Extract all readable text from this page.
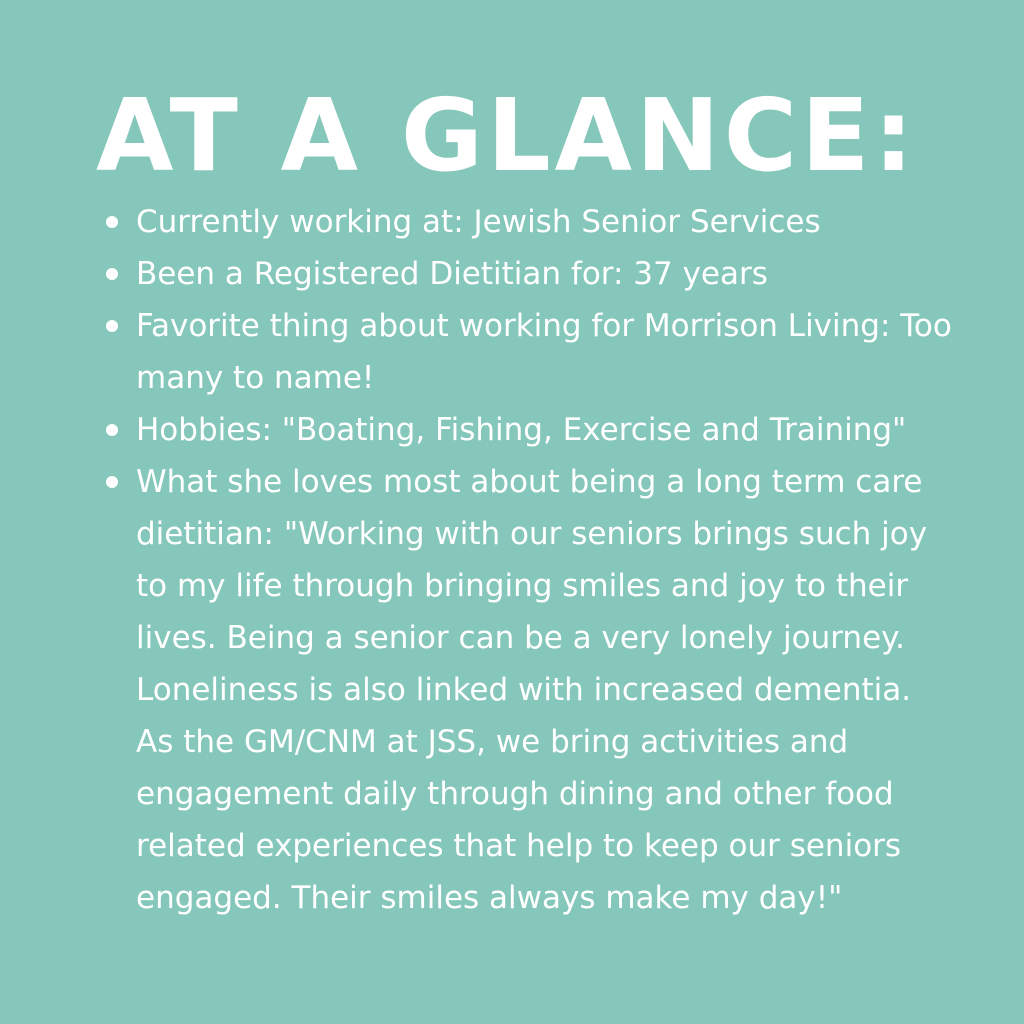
AT A GLANCE:
Currently working at: Jewish Senior Services
Been a Registered Dietitian for: 37 years
Favorite thing about working for Morrison Living: Too many to name!
Hobbies: "Boating, Fishing, Exercise and Training"
What she loves most about being a long term care dietitian: "Working with our seniors brings such joy to my life through bringing smiles and joy to their lives. Being a senior can be a very lonely journey. Loneliness is also linked with increased dementia. As the GM/CNM at JSS, we bring activities and engagement daily through dining and other food related experiences that help to keep our seniors engaged. Their smiles always make my day!"
